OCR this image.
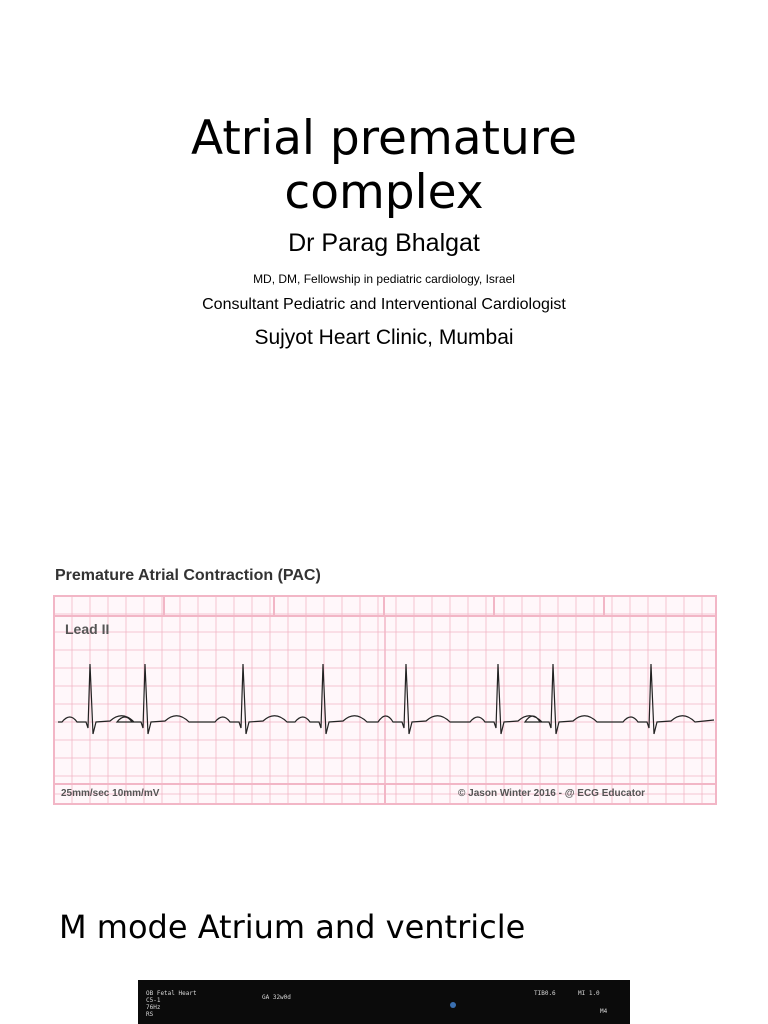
Atrial premature
complex
Dr Parag Bhalgat
MD, DM, Fellowship in pediatric cardiology, Israel
Consultant Pediatric and Interventional Cardiologist
Sujyot Heart Clinic, Mumbai
Premature Atrial Contraction (PAC)
Lead II
25mm/sec 10mm/mV	© Jason Winter 2016 - @ ECG Educator
M mode Atrium and ventricle
OB Fetal Heart
C5-1
76Hz
RS
GA 32w0d
TIB0.6	MI 1.0
M4
